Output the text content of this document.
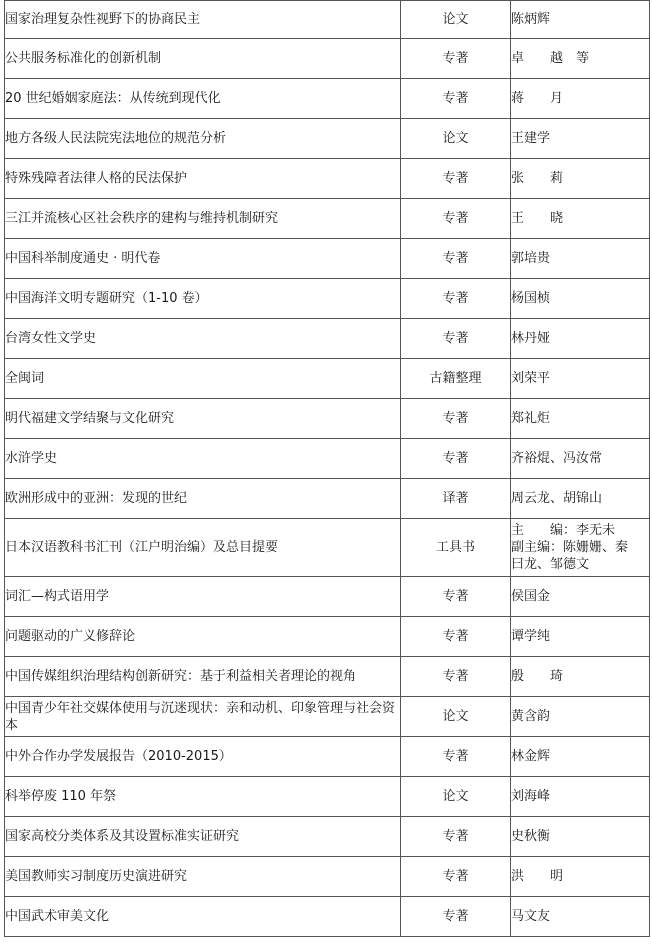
国家治理复杂性视野下的协商民主	论文	陈炳辉

公共服务标准化的创新机制	专著	卓　　越　等

20 世纪婚姻家庭法：从传统到现代化	专著	蒋　　月

地方各级人民法院宪法地位的规范分析	论文	王建学

特殊残障者法律人格的民法保护	专著	张　　莉

三江并流核心区社会秩序的建构与维持机制研究	专著	王　　晓

中国科举制度通史 · 明代卷	专著	郭培贵

中国海洋文明专题研究（1-10 卷）	专著	杨国桢

台湾女性文学史	专著	林丹娅

全闽词	古籍整理	刘荣平

明代福建文学结聚与文化研究	专著	郑礼炬

水浒学史	专著	齐裕焜、冯汝常

欧洲形成中的亚洲：发现的世纪	译著	周云龙、胡锦山

日本汉语教科书汇刊（江户明治编）及总目提要	工具书	主　　编：李无未
副主编：陈姗姗、秦
曰龙、邹德文

词汇—构式语用学	专著	侯国金

问题驱动的广义修辞论	专著	谭学纯

中国传媒组织治理结构创新研究：基于利益相关者理论的视角	专著	殷　　琦

中国青少年社交媒体使用与沉迷现状：亲和动机、印象管理与社会资本	论文	黄含韵

中外合作办学发展报告（2010-2015）	专著	林金辉

科举停废 110 年祭	论文	刘海峰

国家高校分类体系及其设置标准实证研究	专著	史秋衡

美国教师实习制度历史演进研究	专著	洪　　明

中国武术审美文化	专著	马文友
